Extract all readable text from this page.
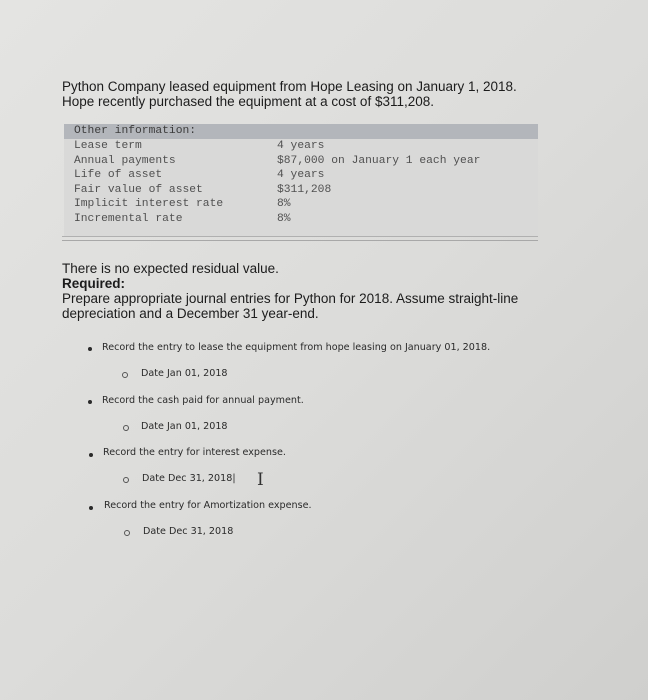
Python Company leased equipment from Hope Leasing on January 1, 2018.
Hope recently purchased the equipment at a cost of $311,208.
Other information:
Lease term	4 years
Annual payments	$87,000 on January 1 each year
Life of asset	4 years
Fair value of asset	$311,208
Implicit interest rate	8%
Incremental rate	8%
There is no expected residual value.
Required:
Prepare appropriate journal entries for Python for 2018. Assume straight-line
depreciation and a December 31 year-end.
Record the entry to lease the equipment from hope leasing on January 01, 2018.
Date Jan 01, 2018
Record the cash paid for annual payment.
Date Jan 01, 2018
Record the entry for interest expense.
Date Dec 31, 2018|
Record the entry for Amortization expense.
Date Dec 31, 2018
I
